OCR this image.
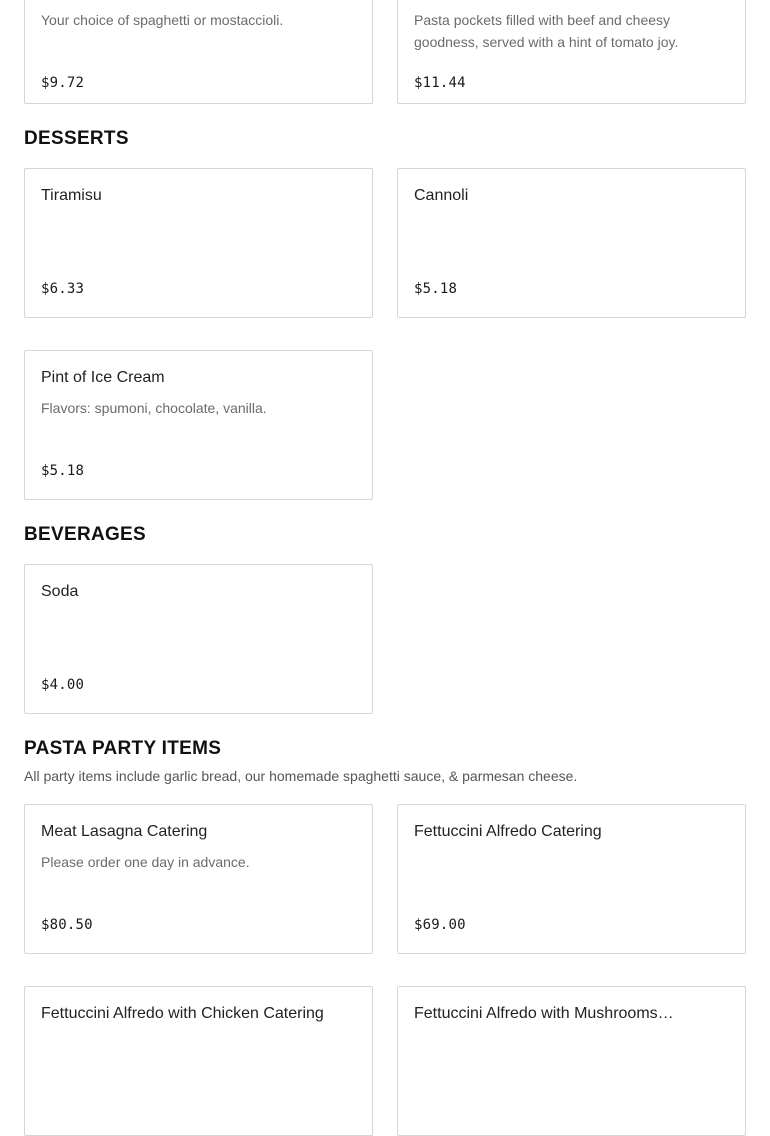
Your choice of spaghetti or mostaccioli.
$9.72
Pasta pockets filled with beef and cheesy goodness, served with a hint of tomato joy.
$11.44
DESSERTS
Tiramisu
$6.33
Cannoli
$5.18
Pint of Ice Cream
Flavors: spumoni, chocolate, vanilla.
$5.18
BEVERAGES
Soda
$4.00
PASTA PARTY ITEMS
All party items include garlic bread, our homemade spaghetti sauce, & parmesan cheese.
Meat Lasagna Catering
Please order one day in advance.
$80.50
Fettuccini Alfredo Catering
$69.00
Fettuccini Alfredo with Chicken Catering	Fettuccini Alfredo with Mushrooms…
